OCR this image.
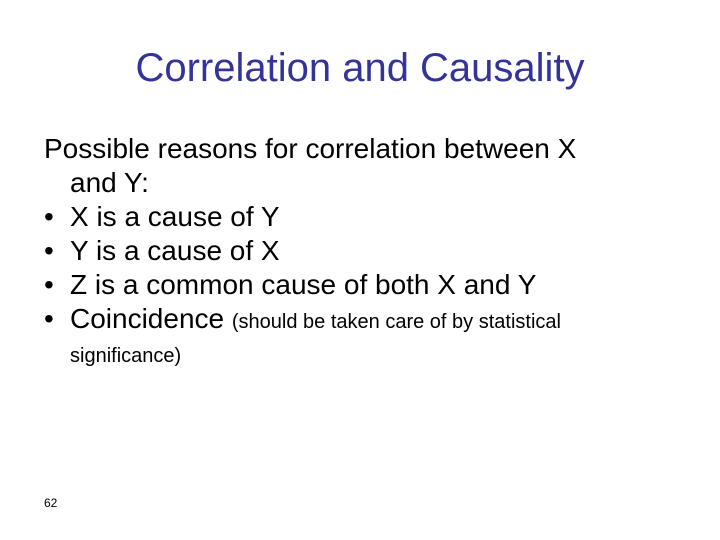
Correlation and Causality
Possible reasons for correlation between X
and Y:
• X is a cause of Y
• Y is a cause of X
• Z is a common cause of both X and Y
• Coincidence (should be taken care of by statistical
significance)
62
